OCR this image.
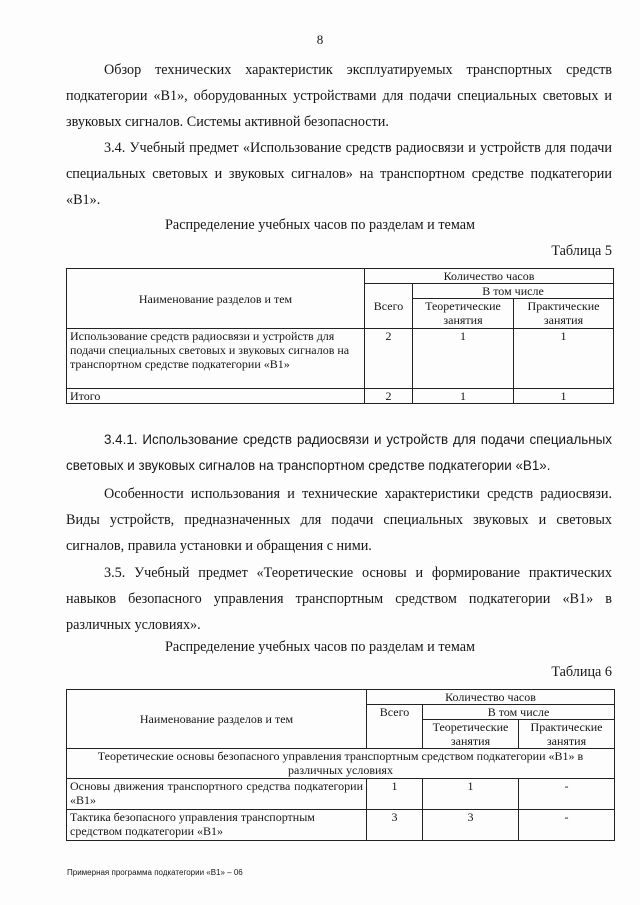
8
Обзор технических характеристик эксплуатируемых транспортных средств подкатегории «B1», оборудованных устройствами для подачи специальных световых и звуковых сигналов. Системы активной безопасности.
3.4. Учебный предмет «Использование средств радиосвязи и устройств для подачи специальных световых и звуковых сигналов» на транспортном средстве подкатегории «B1».
Распределение учебных часов по разделам и темам
Таблица 5
Наименование разделов и тем	Количество часов		
	Всего	В том числе	
		Теоретические занятия	Практические занятия
Использование средств радиосвязи и устройств для подачи специальных световых и звуковых сигналов на транспортном средстве подкатегории «B1»	2	1	1
Итого	2	1	1
3.4.1. Использование средств радиосвязи и устройств для подачи специальных световых и звуковых сигналов на транспортном средстве подкатегории «B1».
Особенности использования и технические характеристики средств радиосвязи. Виды устройств, предназначенных для подачи специальных звуковых и световых сигналов, правила установки и обращения с ними.
3.5. Учебный предмет «Теоретические основы и формирование практических навыков безопасного управления транспортным средством подкатегории «B1» в различных условиях».
Распределение учебных часов по разделам и темам
Таблица 6
Наименование разделов и тем	Количество часов		
	Всего	В том числе	
		Теоретические занятия	Практические занятия
Теоретические основы безопасного управления транспортным средством подкатегории «B1» в различных условиях			
Основы движения транспортного средства подкатегории «B1»	1	1	-
Тактика безопасного управления транспортным средством подкатегории «B1»	3	3	-
Примерная программа подкатегории «B1» – 06
